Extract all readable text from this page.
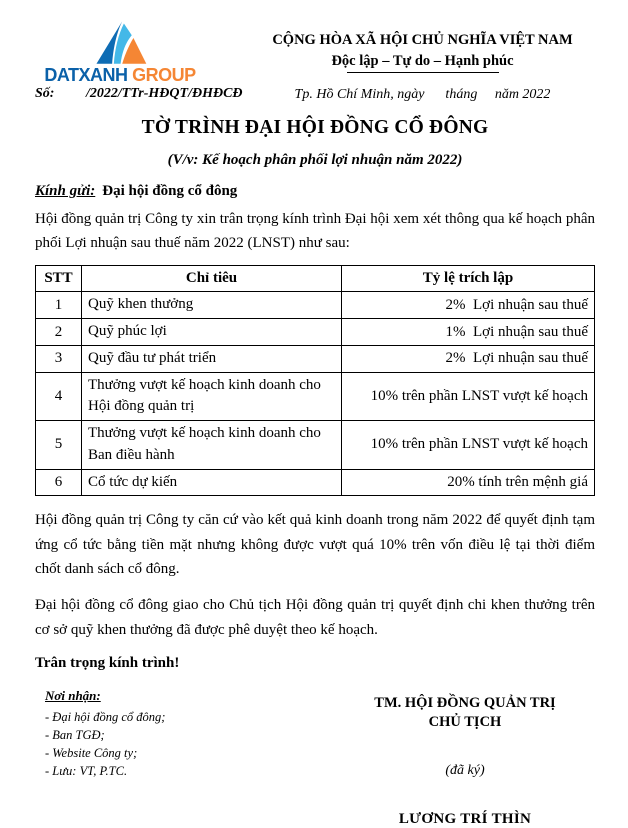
DATXANH GROUP
Số:         /2022/TTr-HĐQT/ĐHĐCĐ
CỘNG HÒA XÃ HỘI CHỦ NGHĨA VIỆT NAM
Độc lập – Tự do – Hạnh phúc
Tp. Hồ Chí Minh, ngày      tháng     năm 2022
TỜ TRÌNH ĐẠI HỘI ĐỒNG CỔ ĐÔNG
(V/v: Kế hoạch phân phối lợi nhuận năm 2022)
Kính gửi: Đại hội đồng cổ đông
Hội đồng quản trị Công ty xin trân trọng kính trình Đại hội xem xét thông qua kế hoạch phân phối Lợi nhuận sau thuế năm 2022 (LNST) như sau:
STT	Chỉ tiêu	Tỷ lệ trích lập
1	Quỹ khen thưởng	2%  Lợi nhuận sau thuế
2	Quỹ phúc lợi	1%  Lợi nhuận sau thuế
3	Quỹ đầu tư phát triển	2%  Lợi nhuận sau thuế
4	Thưởng vượt kế hoạch kinh doanh cho Hội đồng quản trị	10% trên phần LNST vượt kế hoạch
5	Thưởng vượt kế hoạch kinh doanh cho Ban điều hành	10% trên phần LNST vượt kế hoạch
6	Cổ tức dự kiến	20% tính trên mệnh giá
Hội đồng quản trị Công ty căn cứ vào kết quả kinh doanh trong năm 2022 để quyết định tạm ứng cổ tức bằng tiền mặt nhưng không được vượt quá 10% trên vốn điều lệ tại thời điểm chốt danh sách cổ đông.
Đại hội đồng cổ đông giao cho Chủ tịch Hội đồng quản trị quyết định chi khen thưởng trên cơ sở quỹ khen thưởng đã được phê duyệt theo kế hoạch.
Trân trọng kính trình!
Nơi nhận:
- Đại hội đồng cổ đông;
- Ban TGĐ;
- Website Công ty;
- Lưu: VT, P.TC.
TM. HỘI ĐỒNG QUẢN TRỊ
CHỦ TỊCH
(đã ký)
LƯƠNG TRÍ THÌN
